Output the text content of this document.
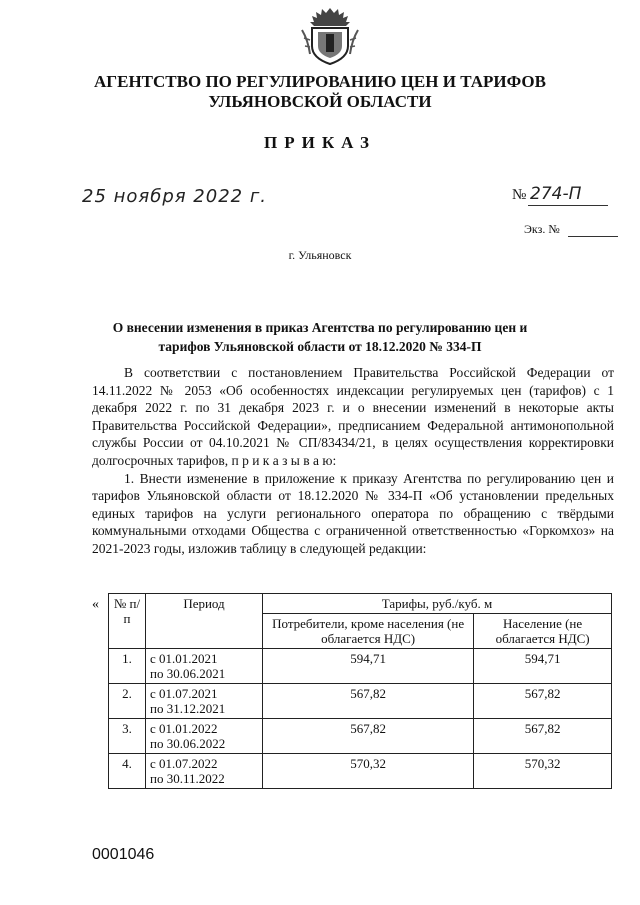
АГЕНТСТВО ПО РЕГУЛИРОВАНИЮ ЦЕН И ТАРИФОВ УЛЬЯНОВСКОЙ ОБЛАСТИ
ПРИКАЗ
25 ноября 2022 г.	№ 274-П
Экз. №
г. Ульяновск
О внесении изменения в приказ Агентства по регулированию цен и тарифов Ульяновской области от 18.12.2020 № 334-П

В соответствии с постановлением Правительства Российской Федерации от 14.11.2022 № 2053 «Об особенностях индексации регулируемых цен (тарифов) с 1 декабря 2022 г. по 31 декабря 2023 г. и о внесении изменений в некоторые акты Правительства Российской Федерации», предписанием Федеральной антимонопольной службы России от 04.10.2021 № СП/83434/21, в целях осуществления корректировки долгосрочных тарифов, п р и к а з ы в а ю:

1. Внести изменение в приложение к приказу Агентства по регулированию цен и тарифов Ульяновской области от 18.12.2020 № 334-П «Об установлении предельных единых тарифов на услуги регионального оператора по обращению с твёрдыми коммунальными отходами Общества с ограниченной ответственностью «Горкомхоз» на 2021-2023 годы, изложив таблицу в следующей редакции:

« № п/п	Период	Тарифы, руб./куб. м	
		Потребители, кроме населения (не облагается НДС)	Население (не облагается НДС)
1.	с 01.01.2021
по 30.06.2021	594,71	594,71
2.	с 01.07.2021
по 31.12.2021	567,82	567,82
3.	с 01.01.2022
по 30.06.2022	567,82	567,82
4.	с 01.07.2022
по 30.11.2022	570,32	570,32
0001046
